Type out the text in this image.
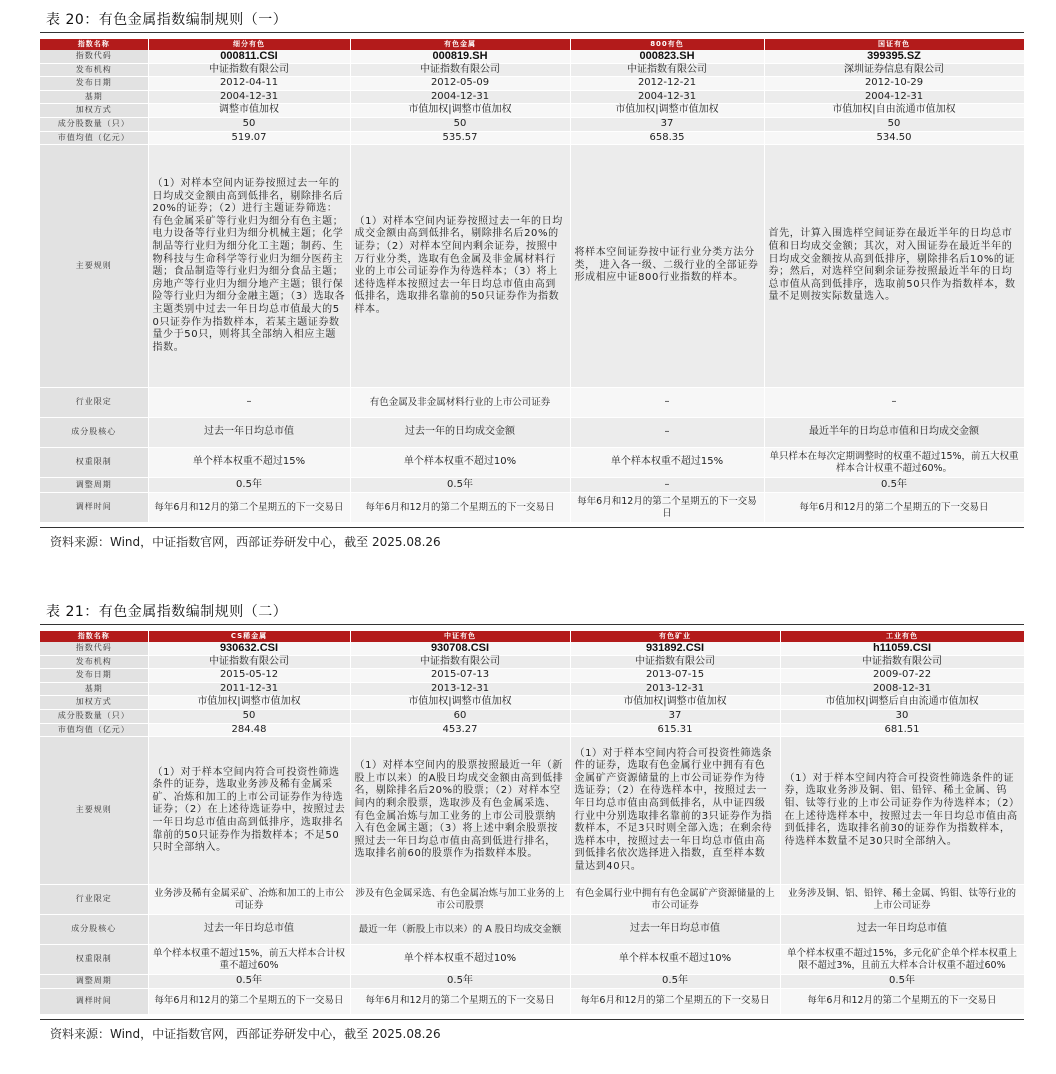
表 20：有色金属指数编制规则（一）
指数名称	细分有色	有色金属	800有色	国证有色
指数代码	000811.CSI	000819.SH	000823.SH	399395.SZ
发布机构	中证指数有限公司	中证指数有限公司	中证指数有限公司	深圳证券信息有限公司
发布日期	2012-04-11	2012-05-09	2012-12-21	2012-10-29
基期	2004-12-31	2004-12-31	2004-12-31	2004-12-31
加权方式	调整市值加权	市值加权|调整市值加权	市值加权|调整市值加权	市值加权|自由流通市值加权
成分股数量（只）	50	50	37	50
市值均值（亿元）	519.07	535.57	658.35	534.50
主要规则	（1）对样本空间内证券按照过去一年的日均成交金额由高到低排名，剔除排名后20%的证券；（2）进行主题证券筛选：有色金属采矿等行业归为细分有色主题；电力设备等行业归为细分机械主题；化学制品等行业归为细分化工主题；制药、生物科技与生命科学等行业归为细分医药主题；食品制造等行业归为细分食品主题；房地产等行业归为细分地产主题；银行保险等行业归为细分金融主题；（3）选取各主题类别中过去一年日均总市值最大的50只证券作为指数样本，若某主题证券数量少于50只，则将其全部纳入相应主题指数。	（1）对样本空间内证券按照过去一年的日均成交金额由高到低排名，剔除排名后20%的证券；（2）对样本空间内剩余证券，按照中万行业分类，选取有色金属及非金属材料行业的上市公司证券作为待选样本；（3）将上述待选样本按照过去一年日均总市值由高到低排名，选取排名靠前的50只证券作为指数样本。	将样本空间证券按中证行业分类方法分类， 进入各一级、二级行业的全部证券形成相应中证800行业指数的样本。	首先，计算入围选样空间证券在最近半年的日均总市值和日均成交金额；其次，对入围证券在最近半年的日均成交金额按从高到低排序，剔除排名后10%的证券；然后，对选样空间剩余证券按照最近半年的日均总市值从高到低排序，选取前50只作为指数样本，数量不足则按实际数量选入。
行业限定	–	有色金属及非金属材料行业的上市公司证券	–	–
成分股核心	过去一年日均总市值	过去一年的日均成交金额	–	最近半年的日均总市值和日均成交金额
权重限制	单个样本权重不超过15%	单个样本权重不超过10%	单个样本权重不超过15%	单只样本在每次定期调整时的权重不超过15%，前五大权重样本合计权重不超过60%。
调整周期	0.5年	0.5年	–	0.5年
调样时间	每年6月和12月的第二个星期五的下一交易日	每年6月和12月的第二个星期五的下一交易日	每年6月和12月的第二个星期五的下一交易日	每年6月和12月的第二个星期五的下一交易日
资料来源：Wind，中证指数官网，西部证券研发中心，截至 2025.08.26
表 21：有色金属指数编制规则（二）
指数名称	CS稀金属	中证有色	有色矿业	工业有色
指数代码	930632.CSI	930708.CSI	931892.CSI	h11059.CSI
发布机构	中证指数有限公司	中证指数有限公司	中证指数有限公司	中证指数有限公司
发布日期	2015-05-12	2015-07-13	2013-07-15	2009-07-22
基期	2011-12-31	2013-12-31	2013-12-31	2008-12-31
加权方式	市值加权|调整市值加权	市值加权|调整市值加权	市值加权|调整市值加权	市值加权|调整后自由流通市值加权
成分股数量（只）	50	60	37	30
市值均值（亿元）	284.48	453.27	615.31	681.51
主要规则	（1）对于样本空间内符合可投资性筛选条件的证券，选取业务涉及稀有金属采矿、冶炼和加工的上市公司证券作为待选证券；（2）在上述待选证券中，按照过去一年日均总市值由高到低排序，选取排名靠前的50只证券作为指数样本；不足50只时全部纳入。	（1）对样本空间内的股票按照最近一年（新股上市以来）的A股日均成交金额由高到低排名，剔除排名后20%的股票；（2）对样本空间内的剩余股票，选取涉及有色金属采选、有色金属冶炼与加工业务的上市公司股票纳入有色金属主题；（3）将上述中剩余股票按照过去一年日均总市值由高到低进行排名，选取排名前60的股票作为指数样本股。	（1）对于样本空间内符合可投资性筛选条件的证券，选取有色金属行业中拥有有色金属矿产资源储量的上市公司证券作为待选证券；（2）在待选样本中，按照过去一年日均总市值由高到低排名，从中证四级行业中分别选取排名靠前的3只证券作为指数样本，不足3只时则全部入选；在剩余待选样本中，按照过去一年日均总市值由高到低排名依次选择进入指数，直至样本数量达到40只。	（1）对于样本空间内符合可投资性筛选条件的证券，选取业务涉及铜、铝、铅锌、稀土金属、钨钼、钛等行业的上市公司证券作为待选样本；（2）在上述待选样本中，按照过去一年日均总市值由高到低排名，选取排名前30的证券作为指数样本，待选样本数量不足30只时全部纳入。
行业限定	业务涉及稀有金属采矿、冶炼和加工的上市公司证券	涉及有色金属采选、有色金属冶炼与加工业务的上市公司股票	有色金属行业中拥有有色金属矿产资源储量的上市公司证券	业务涉及铜、铝、铅锌、稀土金属、钨钼、钛等行业的上市公司证券
成分股核心	过去一年日均总市值	最近一年（新股上市以来）的 A 股日均成交金额	过去一年日均总市值	过去一年日均总市值
权重限制	单个样本权重不超过15%，前五大样本合计权重不超过60%	单个样本权重不超过10%	单个样本权重不超过10%	单个样本权重不超过15%，多元化矿企单个样本权重上限不超过3%，且前五大样本合计权重不超过60%
调整周期	0.5年	0.5年	0.5年	0.5年
调样时间	每年6月和12月的第二个星期五的下一交易日	每年6月和12月的第二个星期五的下一交易日	每年6月和12月的第二个星期五的下一交易日	每年6月和12月的第二个星期五的下一交易日
资料来源：Wind，中证指数官网，西部证券研发中心，截至 2025.08.26
